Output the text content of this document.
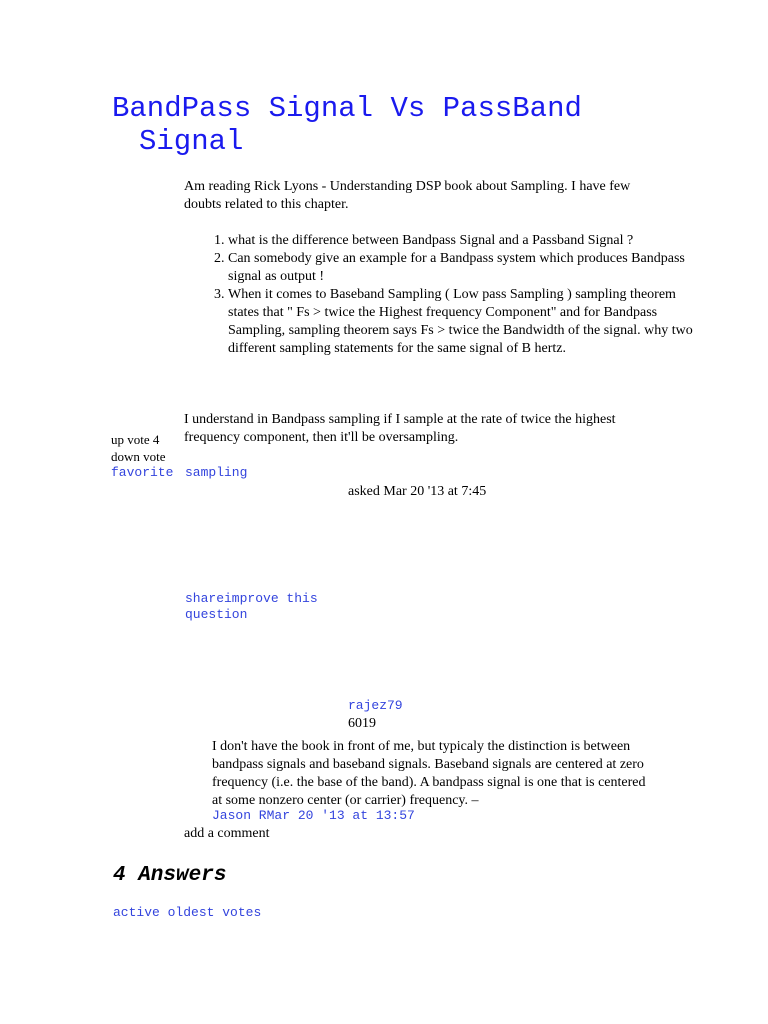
BandPass Signal Vs PassBand
Signal
Am reading Rick Lyons - Understanding DSP book about Sampling. I have few doubts related to this chapter.
1. what is the difference between Bandpass Signal and a Passband Signal ?
2. Can somebody give an example for a Bandpass system which produces Bandpass signal as output !
3. When it comes to Baseband Sampling ( Low pass Sampling ) sampling theorem states that " Fs > twice the Highest frequency Component" and for Bandpass Sampling, sampling theorem says Fs > twice the Bandwidth of the signal. why two different sampling statements for the same signal of B hertz.
I understand in Bandpass sampling if I sample at the rate of twice the highest frequency component, then it'll be oversampling.
up vote 4
down vote
favorite sampling
asked Mar 20 '13 at 7:45
shareimprove this
question
rajez79
6019
I don't have the book in front of me, but typicaly the distinction is between bandpass signals and baseband signals. Baseband signals are centered at zero frequency (i.e. the base of the band). A bandpass signal is one that is centered at some nonzero center (or carrier) frequency. –
Jason RMar 20 '13 at 13:57
add a comment
4 Answers
active oldest votes
